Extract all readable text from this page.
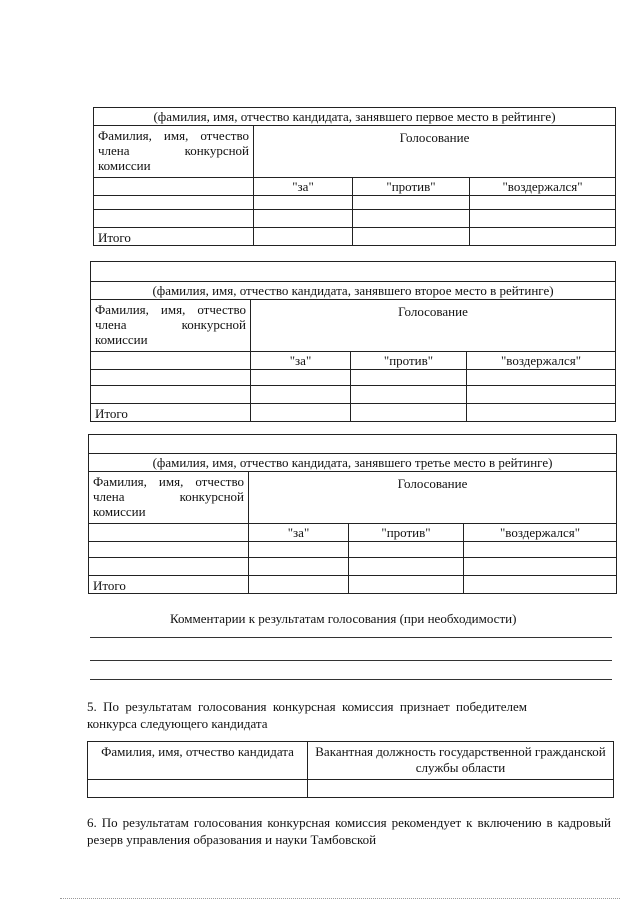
(фамилия, имя, отчество кандидата, занявшего первое место в рейтинге)			
Фамилия, имя, отчество члена конкурсной комиссии	Голосование		
	"за"	"против"	"воздержался"

Итого			

(фамилия, имя, отчество кандидата, занявшего второе место в рейтинге)			
Фамилия, имя, отчество члена конкурсной комиссии	Голосование		
	"за"	"против"	"воздержался"

Итого			

(фамилия, имя, отчество кандидата, занявшего третье место в рейтинге)			
Фамилия, имя, отчество члена конкурсной комиссии	Голосование		
	"за"	"против"	"воздержался"

Итого			
Комментарии к результатам голосования (при необходимости)
5. По результатам голосования конкурсная комиссия признает победителем конкурса следующего кандидата
Фамилия, имя, отчество кандидата	Вакантная должность государственной гражданской службы области

6. По результатам голосования конкурсная комиссия рекомендует к включению в кадровый резерв управления образования и науки Тамбовской
